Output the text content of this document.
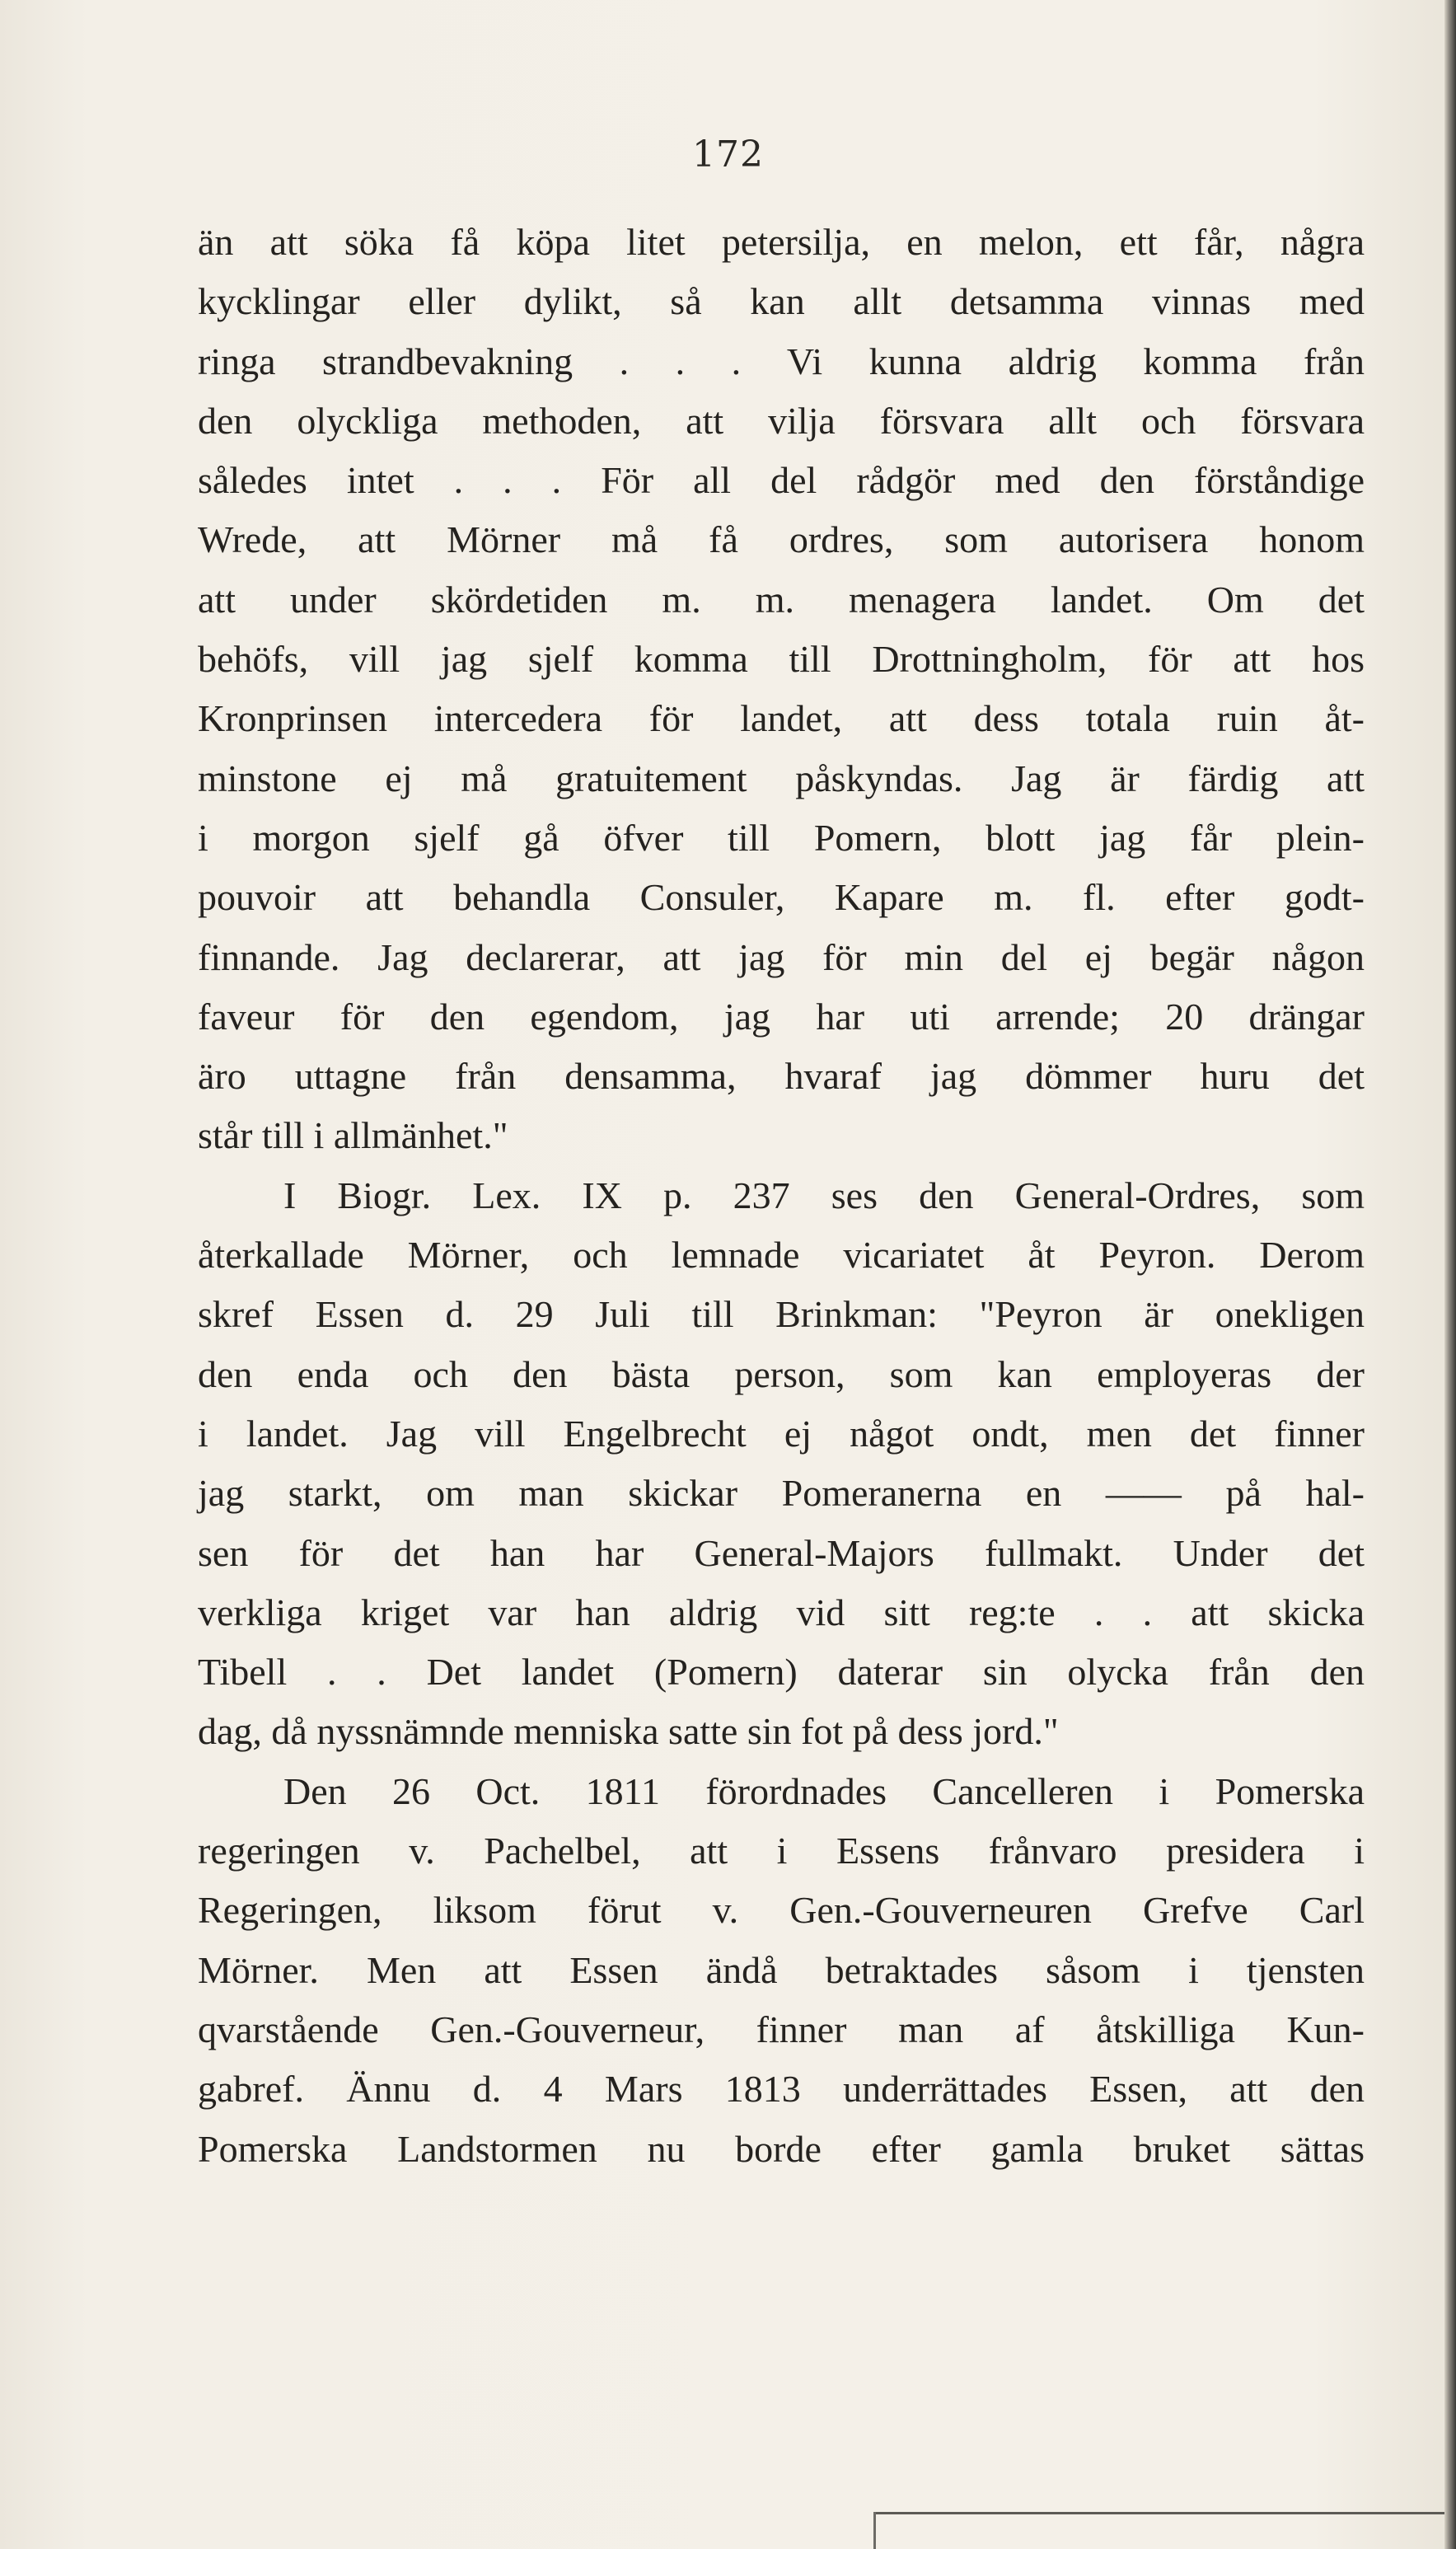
172
än att söka få köpa litet petersilja, en melon, ett får, några
kycklingar eller dylikt, så kan allt detsamma vinnas med
ringa strandbevakning . . . Vi kunna aldrig komma från
den olyckliga methoden, att vilja försvara allt och försvara
således intet . . . För all del rådgör med den förståndige
Wrede, att Mörner må få ordres, som autorisera honom
att under skördetiden m. m. menagera landet. Om det
behöfs, vill jag sjelf komma till Drottningholm, för att hos
Kronprinsen intercedera för landet, att dess totala ruin åt-
minstone ej må gratuitement påskyndas. Jag är färdig att
i morgon sjelf gå öfver till Pomern, blott jag får plein-
pouvoir att behandla Consuler, Kapare m. fl. efter godt-
finnande. Jag declarerar, att jag för min del ej begär någon
faveur för den egendom, jag har uti arrende; 20 drängar
äro uttagne från densamma, hvaraf jag dömmer huru det
står till i allmänhet."
I Biogr. Lex. IX p. 237 ses den General-Ordres, som
återkallade Mörner, och lemnade vicariatet åt Peyron. Derom
skref Essen d. 29 Juli till Brinkman: "Peyron är onekligen
den enda och den bästa person, som kan employeras der
i landet. Jag vill Engelbrecht ej något ondt, men det finner
jag starkt, om man skickar Pomeranerna en —— på hal-
sen för det han har General-Majors fullmakt. Under det
verkliga kriget var han aldrig vid sitt reg:te . . att skicka
Tibell . . Det landet (Pomern) daterar sin olycka från den
dag, då nyssnämnde menniska satte sin fot på dess jord."
Den 26 Oct. 1811 förordnades Cancelleren i Pomerska
regeringen v. Pachelbel, att i Essens frånvaro presidera i
Regeringen, liksom förut v. Gen.-Gouverneuren Grefve Carl
Mörner. Men att Essen ändå betraktades såsom i tjensten
qvarstående Gen.-Gouverneur, finner man af åtskilliga Kun-
gabref. Ännu d. 4 Mars 1813 underrättades Essen, att den
Pomerska Landstormen nu borde efter gamla bruket sättas
